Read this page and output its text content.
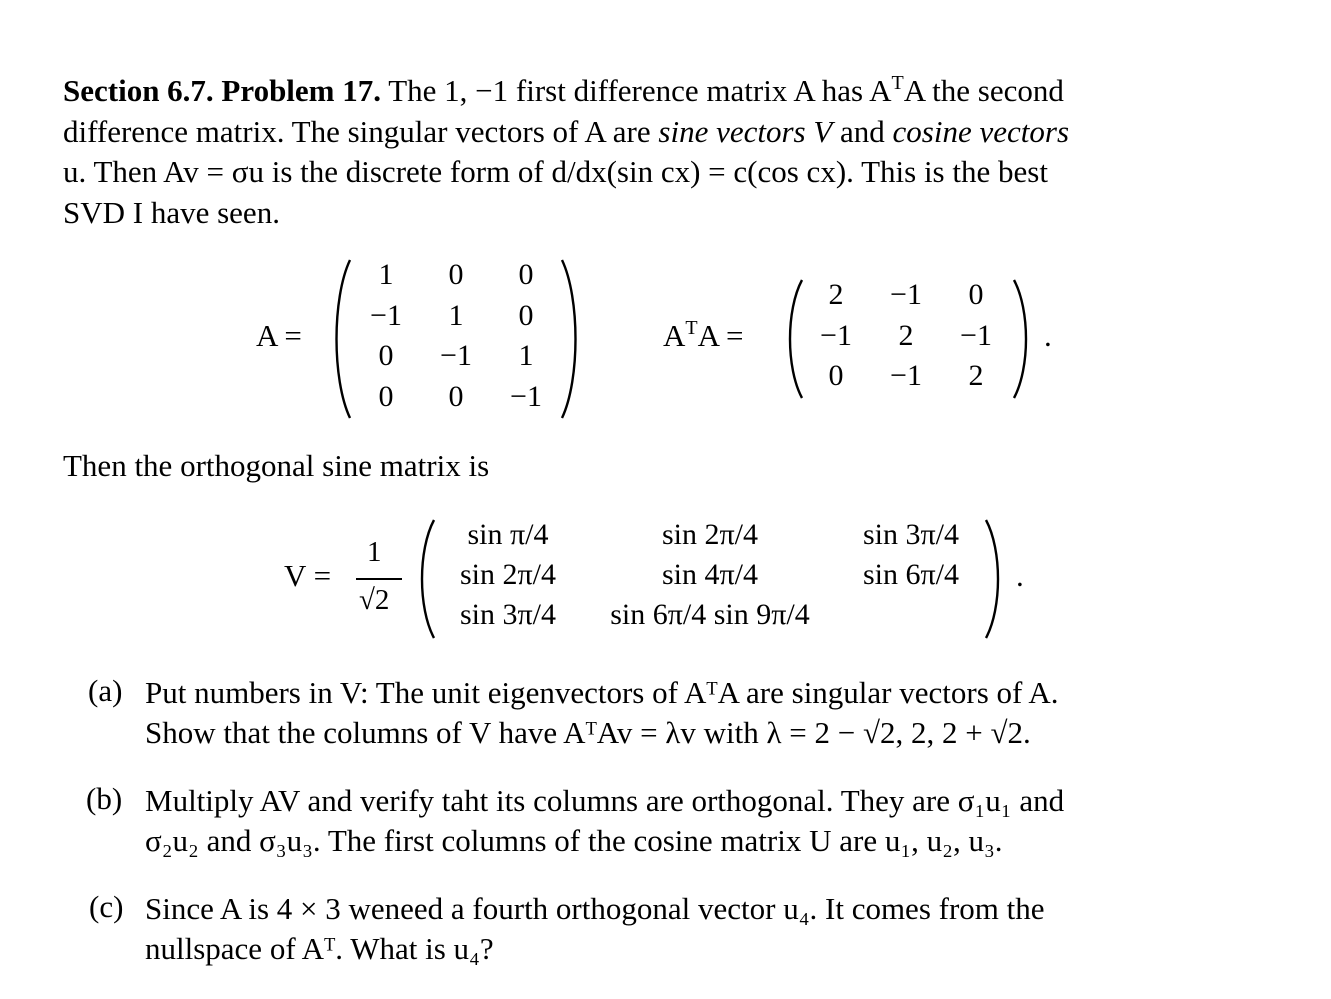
Section 6.7. Problem 17. The 1, −1 first difference matrix A has $A^TA$ the second
difference matrix. The singular vectors of A are sine vectors V and cosine vectors
u. Then Av = σu is the discrete form of d/dx(sin cx) = c(cos cx). This is the best
SVD I have seen.
A =
1	0	0
−1	1	0
0	−1	1
0	0	−1
$A^TA$ =	.
2	−1	0
−1	2	−1
0	−1	2
Then the orthogonal sine matrix is
V =
1
√2
.
sin π/4	sin 2π/4	sin 3π/4
sin 2π/4	sin 4π/4	sin 6π/4
sin 3π/4	sin 6π/4 sin 9π/4
(a) Put numbers in V: The unit eigenvectors of AᵀA are singular vectors of A.
Show that the columns of V have AᵀAv = λv with λ = 2 − √2, 2, 2 + √2.
(b) Multiply AV and verify taht its columns are orthogonal. They are σ₁u₁ and
σ₂u₂ and σ₃u₃. The first columns of the cosine matrix U are u₁, u₂, u₃.
(c) Since A is 4 × 3 weneed a fourth orthogonal vector u₄. It comes from the
nullspace of Aᵀ. What is u₄?
